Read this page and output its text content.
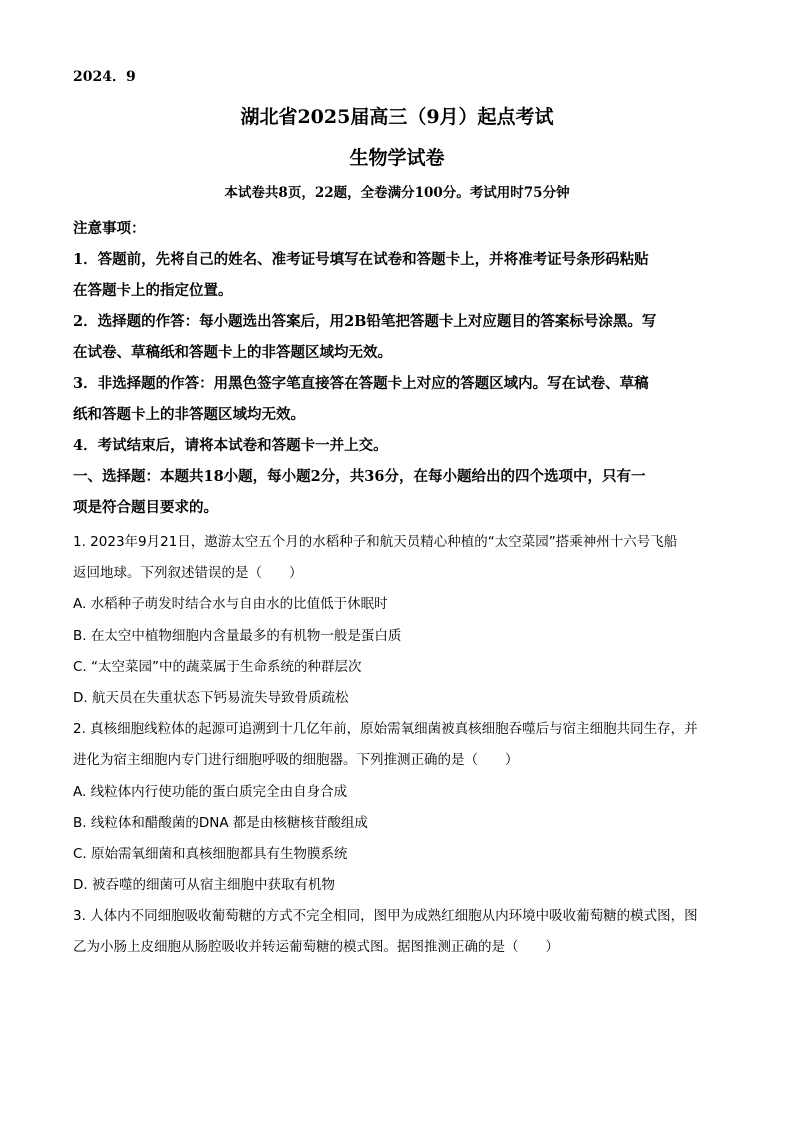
2024．9
湖北省2025届高三（9月）起点考试
生物学试卷
本试卷共8页，22题，全卷满分100分。考试用时75分钟
注意事项：
1．答题前，先将自己的姓名、准考证号填写在试卷和答题卡上，并将准考证号条形码粘贴
在答题卡上的指定位置。
2．选择题的作答：每小题选出答案后，用2B铅笔把答题卡上对应题目的答案标号涂黑。写
在试卷、草稿纸和答题卡上的非答题区域均无效。
3．非选择题的作答：用黑色签字笔直接答在答题卡上对应的答题区域内。写在试卷、草稿
纸和答题卡上的非答题区域均无效。
4．考试结束后，请将本试卷和答题卡一并上交。
一、选择题：本题共18小题，每小题2分，共36分，在每小题给出的四个选项中，只有一
项是符合题目要求的。
1. 2023年9月21日，遨游太空五个月的水稻种子和航天员精心种植的“太空菜园”搭乘神州十六号飞船
返回地球。下列叙述错误的是（　　）
A. 水稻种子萌发时结合水与自由水的比值低于休眠时
B. 在太空中植物细胞内含量最多的有机物一般是蛋白质
C. “太空菜园”中的蔬菜属于生命系统的种群层次
D. 航天员在失重状态下钙易流失导致骨质疏松
2. 真核细胞线粒体的起源可追溯到十几亿年前，原始需氧细菌被真核细胞吞噬后与宿主细胞共同生存，并
进化为宿主细胞内专门进行细胞呼吸的细胞器。下列推测正确的是（　　）
A. 线粒体内行使功能的蛋白质完全由自身合成
B. 线粒体和醋酸菌的DNA 都是由核糖核苷酸组成
C. 原始需氧细菌和真核细胞都具有生物膜系统
D. 被吞噬的细菌可从宿主细胞中获取有机物
3. 人体内不同细胞吸收葡萄糖的方式不完全相同，图甲为成熟红细胞从内环境中吸收葡萄糖的模式图，图
乙为小肠上皮细胞从肠腔吸收并转运葡萄糖的模式图。据图推测正确的是（　　）
